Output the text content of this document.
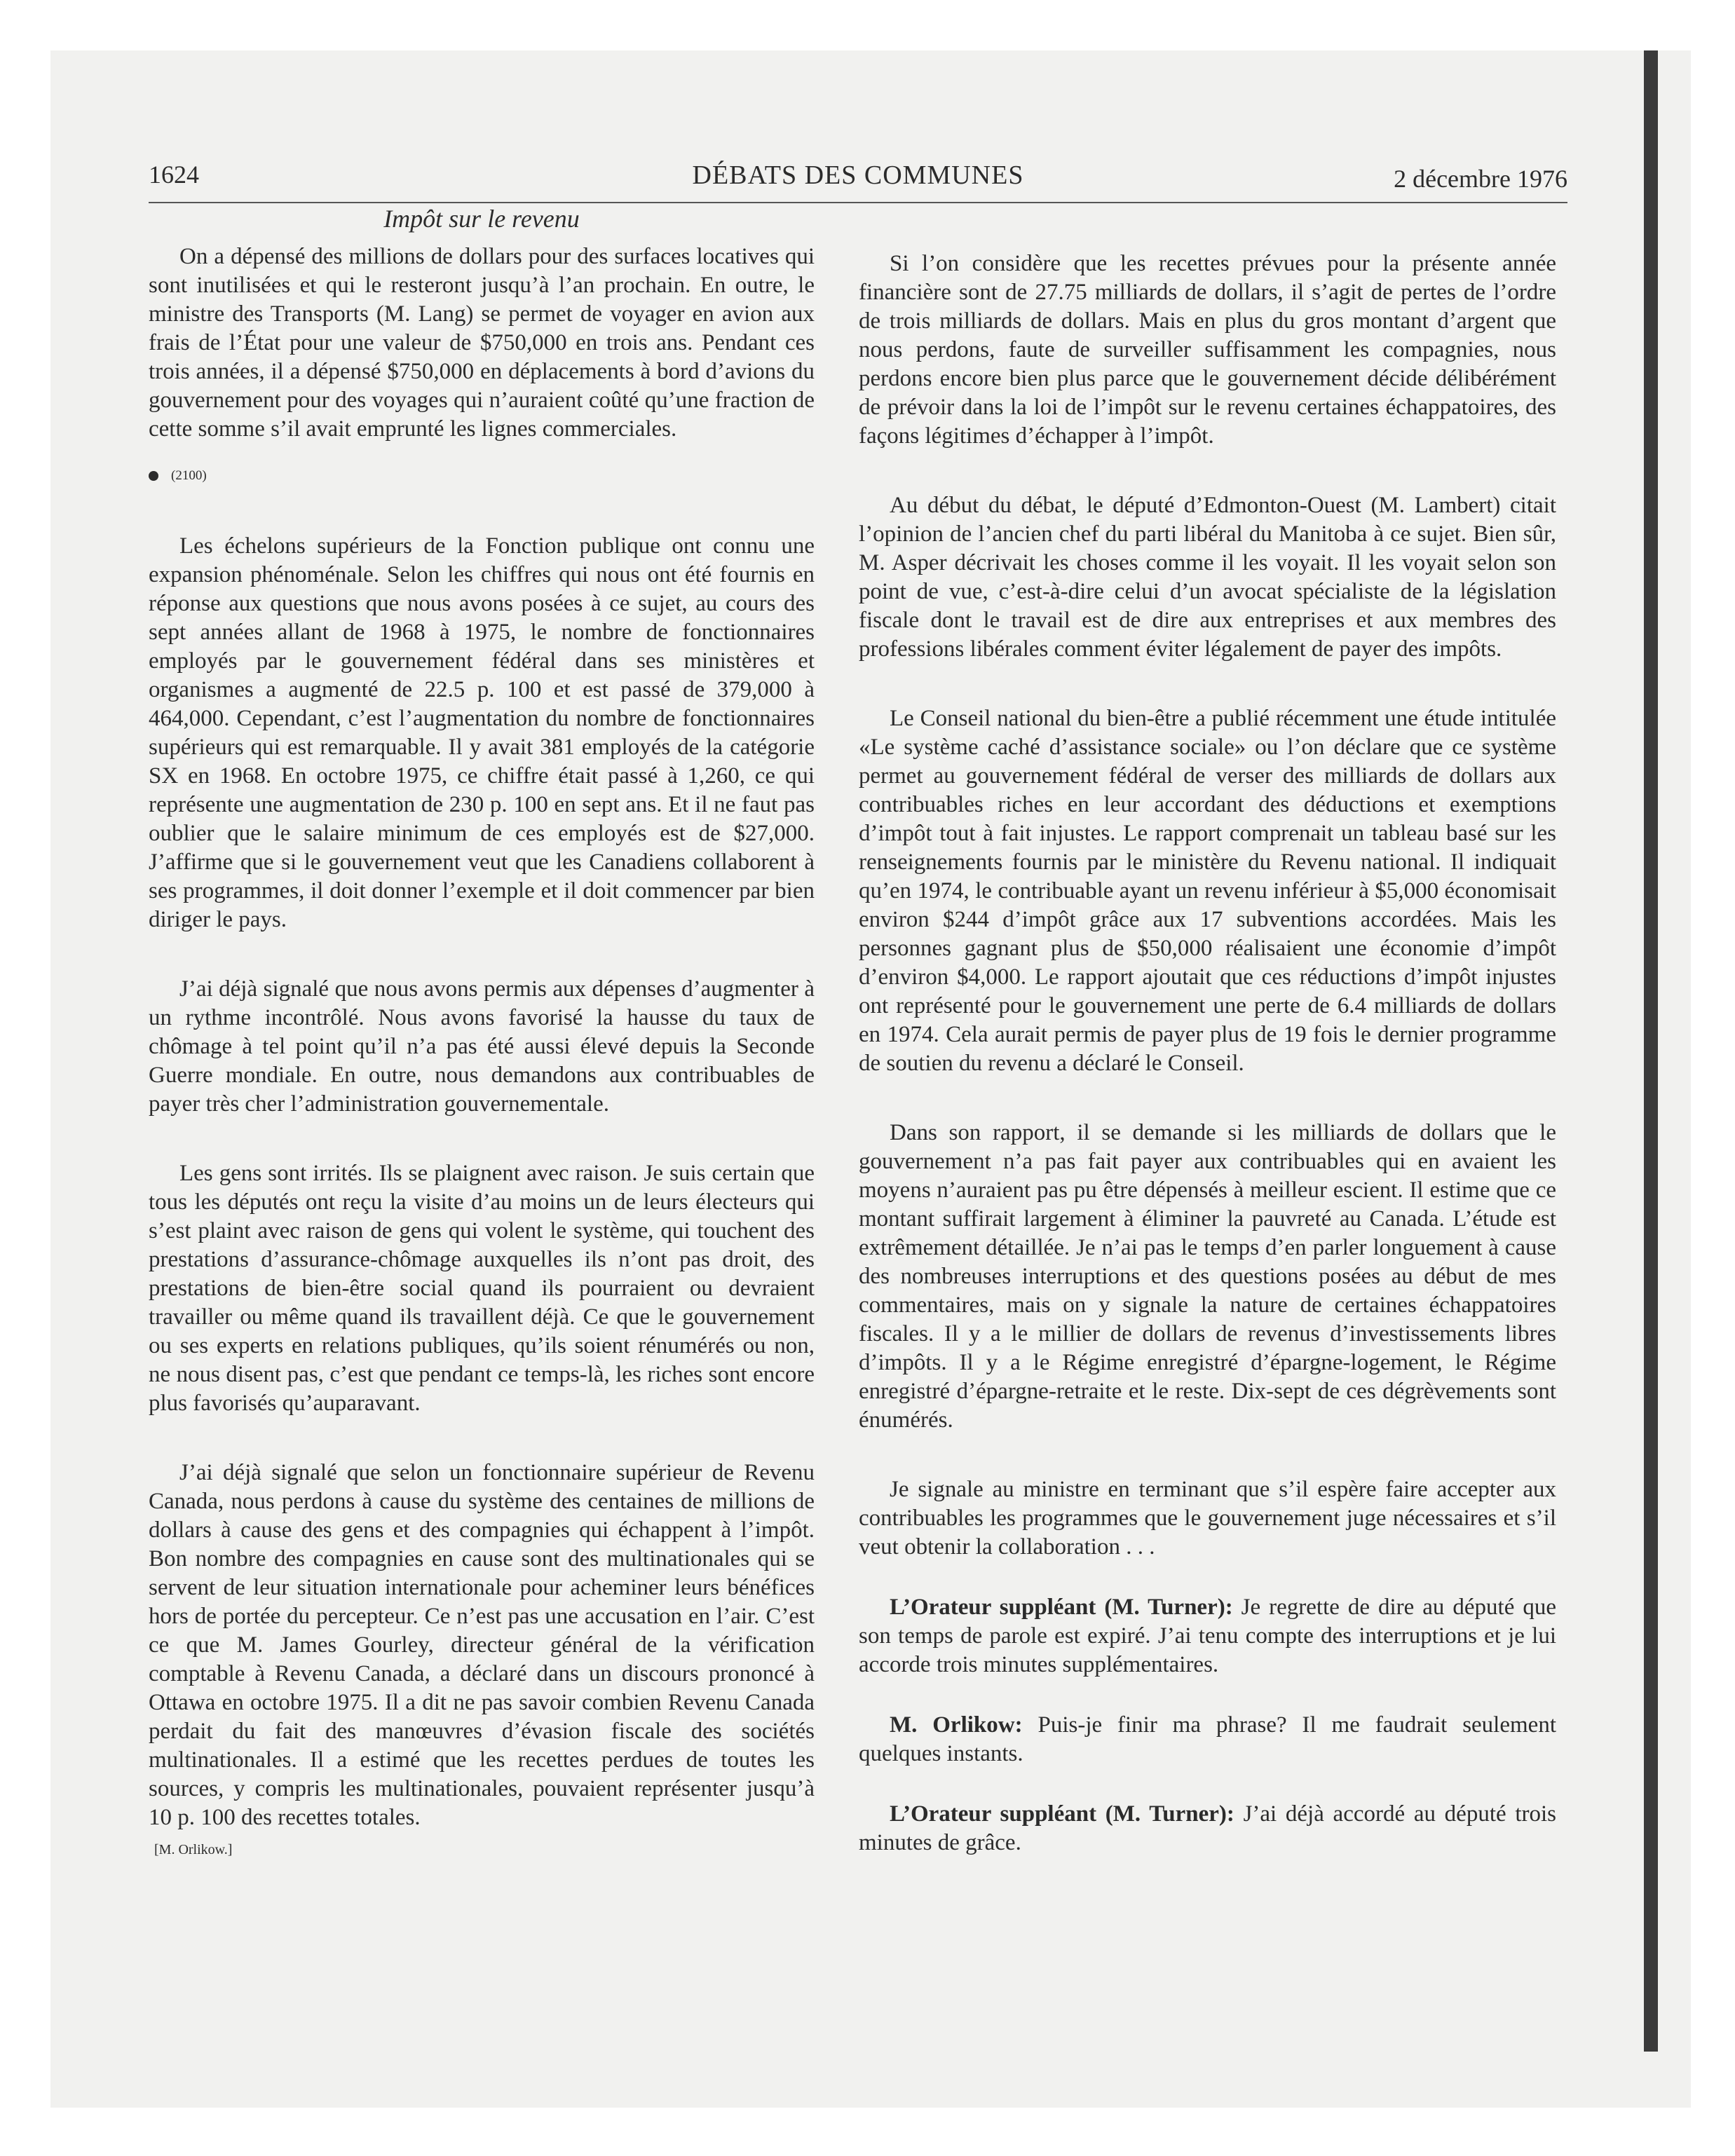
1624	DÉBATS DES COMMUNES	2 décembre 1976
Impôt sur le revenu

On a dépensé des millions de dollars pour des surfaces locatives qui sont inutilisées et qui le resteront jusqu’à l’an prochain. En outre, le ministre des Transports (M. Lang) se permet de voyager en avion aux frais de l’État pour une valeur de $750,000 en trois ans. Pendant ces trois années, il a dépensé $750,000 en déplacements à bord d’avions du gouvernement pour des voyages qui n’auraient coûté qu’une fraction de cette somme s’il avait emprunté les lignes commerciales.

(2100)

Les échelons supérieurs de la Fonction publique ont connu une expansion phénoménale. Selon les chiffres qui nous ont été fournis en réponse aux questions que nous avons posées à ce sujet, au cours des sept années allant de 1968 à 1975, le nombre de fonctionnaires employés par le gouvernement fédéral dans ses ministères et organismes a augmenté de 22.5 p. 100 et est passé de 379,000 à 464,000. Cependant, c’est l’augmentation du nombre de fonctionnaires supérieurs qui est remarquable. Il y avait 381 employés de la catégorie SX en 1968. En octobre 1975, ce chiffre était passé à 1,260, ce qui représente une augmentation de 230 p. 100 en sept ans. Et il ne faut pas oublier que le salaire minimum de ces employés est de $27,000. J’affirme que si le gouvernement veut que les Canadiens collaborent à ses programmes, il doit donner l’exemple et il doit commencer par bien diriger le pays.

J’ai déjà signalé que nous avons permis aux dépenses d’augmenter à un rythme incontrôlé. Nous avons favorisé la hausse du taux de chômage à tel point qu’il n’a pas été aussi élevé depuis la Seconde Guerre mondiale. En outre, nous demandons aux contribuables de payer très cher l’administration gouvernementale.

Les gens sont irrités. Ils se plaignent avec raison. Je suis certain que tous les députés ont reçu la visite d’au moins un de leurs électeurs qui s’est plaint avec raison de gens qui volent le système, qui touchent des prestations d’assurance-chômage auxquelles ils n’ont pas droit, des prestations de bien-être social quand ils pourraient ou devraient travailler ou même quand ils travaillent déjà. Ce que le gouvernement ou ses experts en relations publiques, qu’ils soient rénumérés ou non, ne nous disent pas, c’est que pendant ce temps-là, les riches sont encore plus favorisés qu’auparavant.

J’ai déjà signalé que selon un fonctionnaire supérieur de Revenu Canada, nous perdons à cause du système des centaines de millions de dollars à cause des gens et des compagnies qui échappent à l’impôt. Bon nombre des compagnies en cause sont des multinationales qui se servent de leur situation internationale pour acheminer leurs bénéfices hors de portée du percepteur. Ce n’est pas une accusation en l’air. C’est ce que M. James Gourley, directeur général de la vérification comptable à Revenu Canada, a déclaré dans un discours prononcé à Ottawa en octobre 1975. Il a dit ne pas savoir combien Revenu Canada perdait du fait des manœuvres d’évasion fiscale des sociétés multinationales. Il a estimé que les recettes perdues de toutes les sources, y compris les multinationales, pouvaient représenter jusqu’à 10 p. 100 des recettes totales.

[M. Orlikow.]

Si l’on considère que les recettes prévues pour la présente année financière sont de 27.75 milliards de dollars, il s’agit de pertes de l’ordre de trois milliards de dollars. Mais en plus du gros montant d’argent que nous perdons, faute de surveiller suffisamment les compagnies, nous perdons encore bien plus parce que le gouvernement décide délibérément de prévoir dans la loi de l’impôt sur le revenu certaines échappatoires, des façons légitimes d’échapper à l’impôt.

Au début du débat, le député d’Edmonton-Ouest (M. Lambert) citait l’opinion de l’ancien chef du parti libéral du Manitoba à ce sujet. Bien sûr, M. Asper décrivait les choses comme il les voyait. Il les voyait selon son point de vue, c’est-à-dire celui d’un avocat spécialiste de la législation fiscale dont le travail est de dire aux entreprises et aux membres des professions libérales comment éviter légalement de payer des impôts.

Le Conseil national du bien-être a publié récemment une étude intitulée «Le système caché d’assistance sociale» ou l’on déclare que ce système permet au gouvernement fédéral de verser des milliards de dollars aux contribuables riches en leur accordant des déductions et exemptions d’impôt tout à fait injustes. Le rapport comprenait un tableau basé sur les renseignements fournis par le ministère du Revenu national. Il indiquait qu’en 1974, le contribuable ayant un revenu inférieur à $5,000 économisait environ $244 d’impôt grâce aux 17 subventions accordées. Mais les personnes gagnant plus de $50,000 réalisaient une économie d’impôt d’environ $4,000. Le rapport ajoutait que ces réductions d’impôt injustes ont représenté pour le gouvernement une perte de 6.4 milliards de dollars en 1974. Cela aurait permis de payer plus de 19 fois le dernier programme de soutien du revenu a déclaré le Conseil.

Dans son rapport, il se demande si les milliards de dollars que le gouvernement n’a pas fait payer aux contribuables qui en avaient les moyens n’auraient pas pu être dépensés à meilleur escient. Il estime que ce montant suffirait largement à éliminer la pauvreté au Canada. L’étude est extrêmement détaillée. Je n’ai pas le temps d’en parler longuement à cause des nombreuses interruptions et des questions posées au début de mes commentaires, mais on y signale la nature de certaines échappatoires fiscales. Il y a le millier de dollars de revenus d’investissements libres d’impôts. Il y a le Régime enregistré d’épargne-logement, le Régime enregistré d’épargne-retraite et le reste. Dix-sept de ces dégrèvements sont énumérés.

Je signale au ministre en terminant que s’il espère faire accepter aux contribuables les programmes que le gouvernement juge nécessaires et s’il veut obtenir la collaboration . . .

L’Orateur suppléant (M. Turner): Je regrette de dire au député que son temps de parole est expiré. J’ai tenu compte des interruptions et je lui accorde trois minutes supplémentaires.

M. Orlikow: Puis-je finir ma phrase? Il me faudrait seulement quelques instants.

L’Orateur suppléant (M. Turner): J’ai déjà accordé au député trois minutes de grâce.
